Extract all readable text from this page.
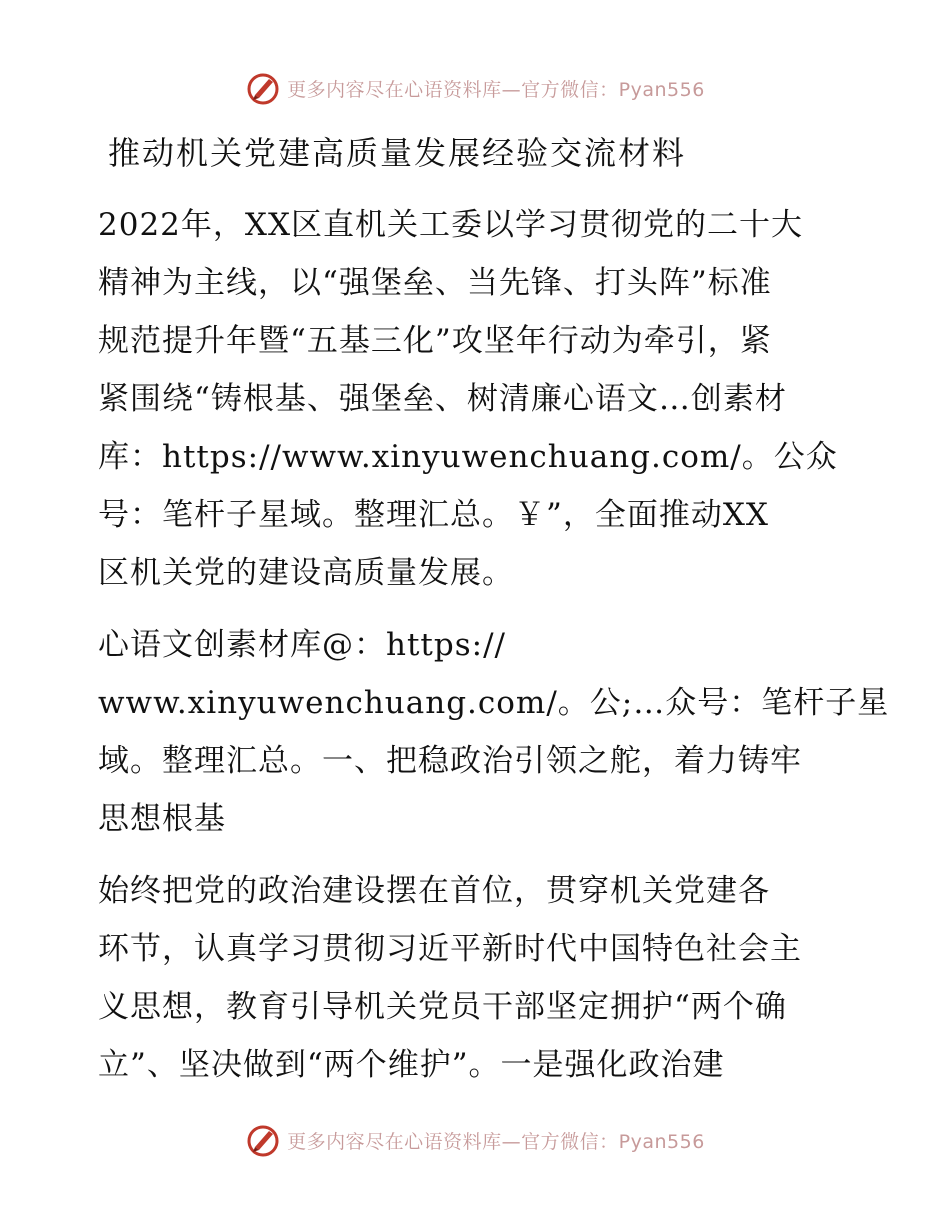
更多内容尽在心语资料库—官方微信：Pyan556
推动机关党建高质量发展经验交流材料
2022年，XX区直机关工委以学习贯彻党的二十大
精神为主线，以“强堡垒、当先锋、打头阵”标准
规范提升年暨“五基三化”攻坚年行动为牵引，紧
紧围绕“铸根基、强堡垒、树清廉心语文…创素材
库：https://www.xinyuwenchuang.com/。公众
号：笔杆子星域。整理汇总。￥”，全面推动XX
区机关党的建设高质量发展。
心语文创素材库@：https://
www.xinyuwenchuang.com/。公;…众号：笔杆子星
域。整理汇总。一、把稳政治引领之舵，着力铸牢
思想根基
始终把党的政治建设摆在首位，贯穿机关党建各
环节，认真学习贯彻习近平新时代中国特色社会主
义思想，教育引导机关党员干部坚定拥护“两个确
立”、坚决做到“两个维护”。一是强化政治建
更多内容尽在心语资料库—官方微信：Pyan556
